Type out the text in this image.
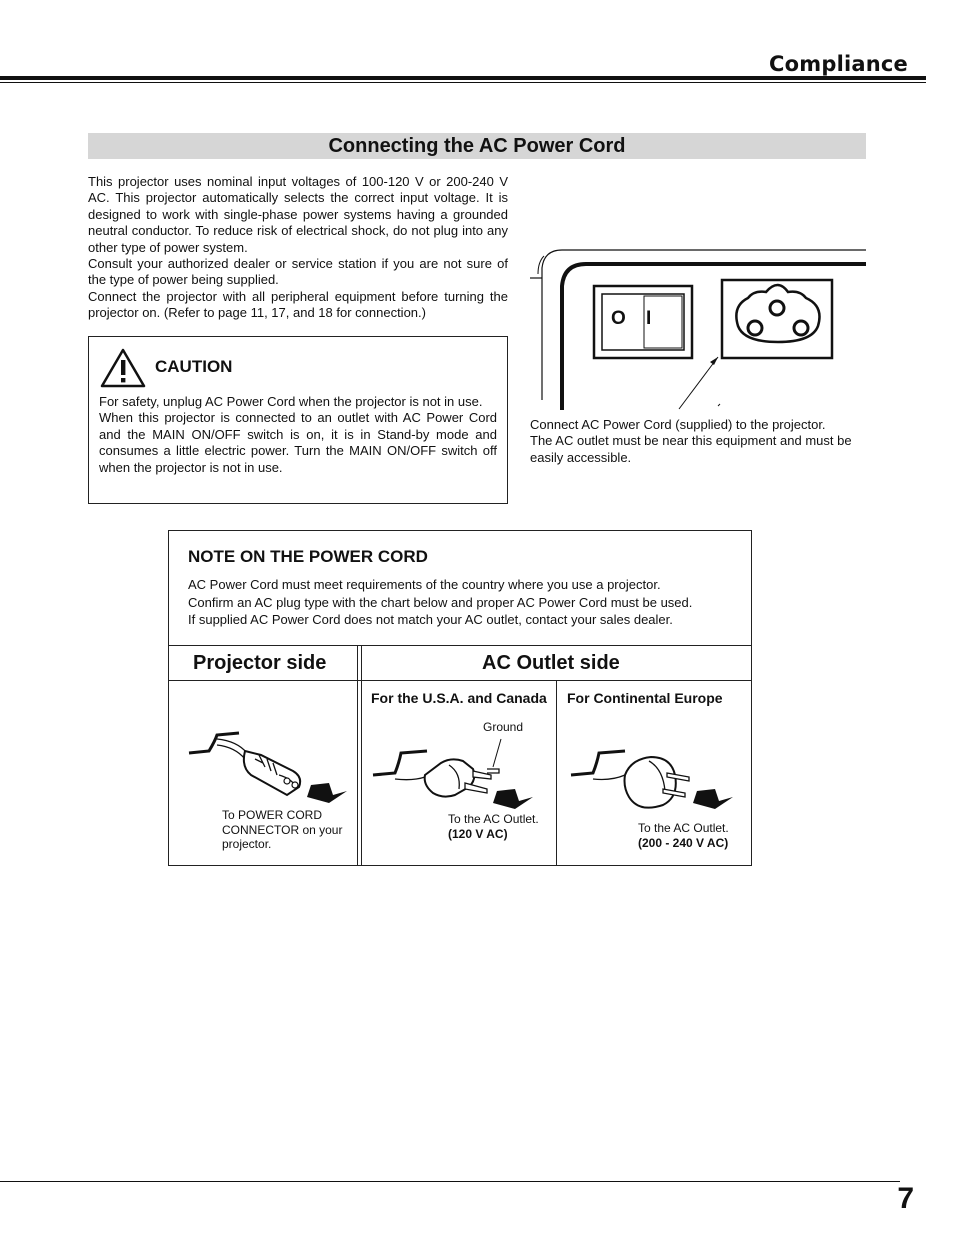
Compliance
Connecting the AC Power Cord

This projector uses nominal input voltages of 100-120 V or 200-240 V AC. This projector automatically selects the correct input voltage. It is designed to work with single-phase power systems having a grounded neutral conductor. To reduce risk of electrical shock, do not plug into any other type of power system.

Consult your authorized dealer or service station if you are not sure of the type of power being supplied.

Connect the projector with all peripheral equipment before turning the projector on. (Refer to page 11, 17, and 18 for connection.)

CAUTION

For safety, unplug AC Power Cord when the projector is not in use.

When this projector is connected to an outlet with AC Power Cord and the MAIN ON/OFF switch is on, it is in Stand-by mode and consumes a little electric power. Turn the MAIN ON/OFF switch off when the projector is not in use.

O I

Connect AC Power Cord (supplied) to the projector.

The AC outlet must be near this equipment and must be easily accessible.

NOTE ON THE POWER CORD

AC Power Cord must meet requirements of the country where you use a projector.

Confirm an AC plug type with the chart below and proper AC Power Cord must be used.

If supplied AC Power Cord does not match your AC outlet, contact your sales dealer.

Projector side	AC Outlet side
For the U.S.A. and Canada For Continental Europe
To POWER CORD
CONNECTOR on your
projector.
Ground
To the AC Outlet.
(120 V AC)	To the AC Outlet.
(200 - 240 V AC)
7
